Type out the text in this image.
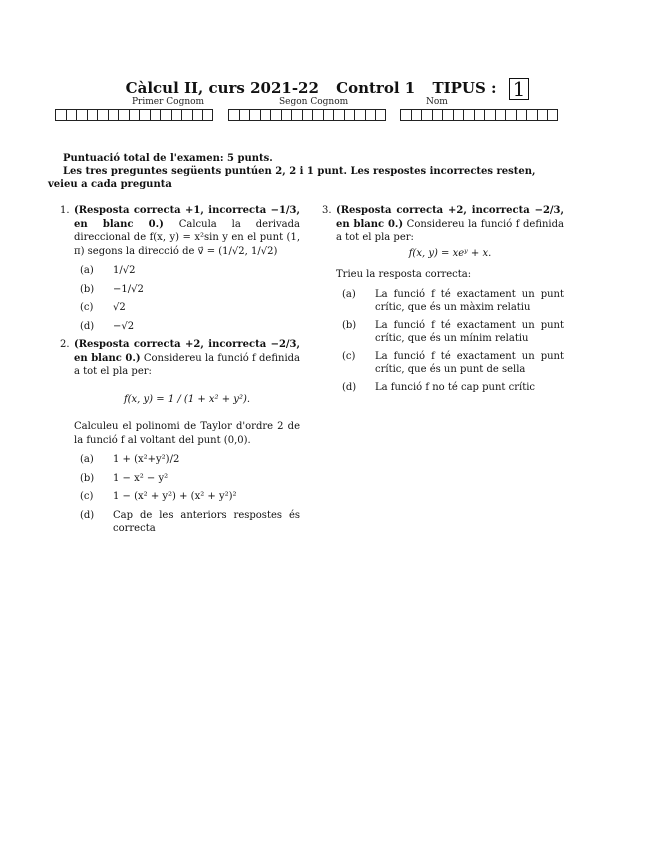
Càlcul II, curs 2021-22 Control 1 TIPUS : 1
Primer Cognom	Segon Cognom	Nom
Puntuació total de l'examen: 5 punts.
Les tres preguntes següents puntúen 2, 2 i 1 punt. Les respostes incorrectes resten, veieu a cada pregunta
1. (Resposta correcta +1, incorrecta −1/3, en blanc 0.) Calcula la derivada direccional de f(x, y) = x²sin y en el punt (1, π) segons la direcció de v⃗ = (1/√2, 1/√2)
(a)	1/√2
(b)	−1/√2
(c)	√2
(d)	−√2
2. (Resposta correcta +2, incorrecta −2/3, en blanc 0.) Considereu la funció f definida a tot el pla per:
f(x, y) = 1 / (1 + x² + y²).
Calculeu el polinomi de Taylor d'ordre 2 de la funció f al voltant del punt (0,0).
(a)	1 + (x²+y²)/2
(b)	1 − x² − y²
(c)	1 − (x² + y²) + (x² + y²)²
(d)	Cap de les anteriors respostes és correcta
3. (Resposta correcta +2, incorrecta −2/3, en blanc 0.) Considereu la funció f definida a tot el pla per:
f(x, y) = xeʸ + x.
Trieu la resposta correcta:
(a)	La funció f té exactament un punt crític, que és un màxim relatiu
(b)	La funció f té exactament un punt crític, que és un mínim relatiu
(c)	La funció f té exactament un punt crític, que és un punt de sella
(d)	La funció f no té cap punt crític
